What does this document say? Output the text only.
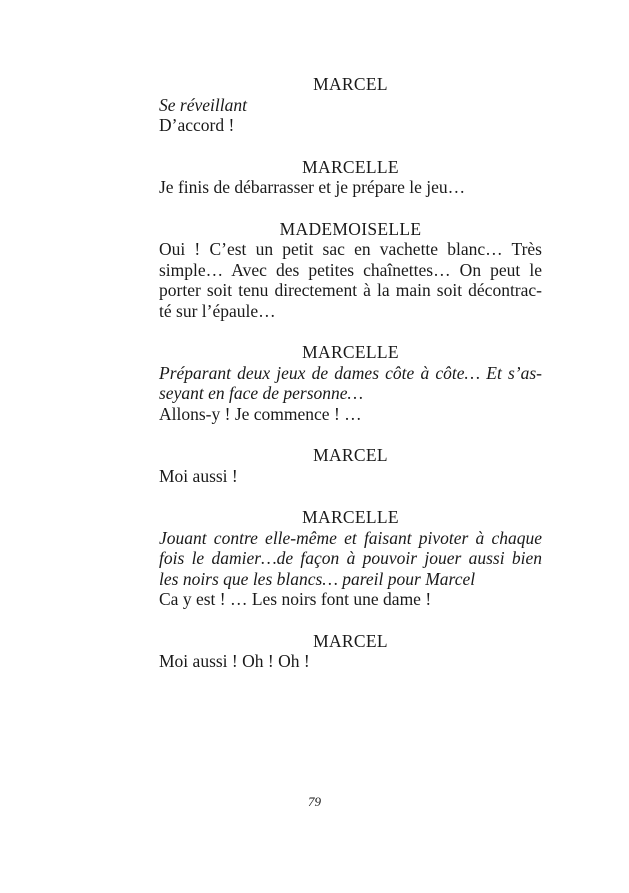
MARCEL

Se réveillant

D’accord !

MARCELLE

Je finis de débarrasser et je prépare le jeu…

MADEMOISELLE

Oui ! C’est un petit sac en vachette blanc… Très

simple… Avec des petites chaînettes… On peut le

porter soit tenu directement à la main soit décontrac-

té sur l’épaule…

MARCELLE

Préparant deux jeux de dames côte à côte… Et s’as-

seyant en face de personne…

Allons-y ! Je commence ! …

MARCEL

Moi aussi !

MARCELLE

Jouant contre elle-même et faisant pivoter à chaque

fois le damier…de façon à pouvoir jouer aussi bien

les noirs que les blancs… pareil pour Marcel

Ca y est ! … Les noirs font une dame !

MARCEL

Moi aussi ! Oh ! Oh !

79
